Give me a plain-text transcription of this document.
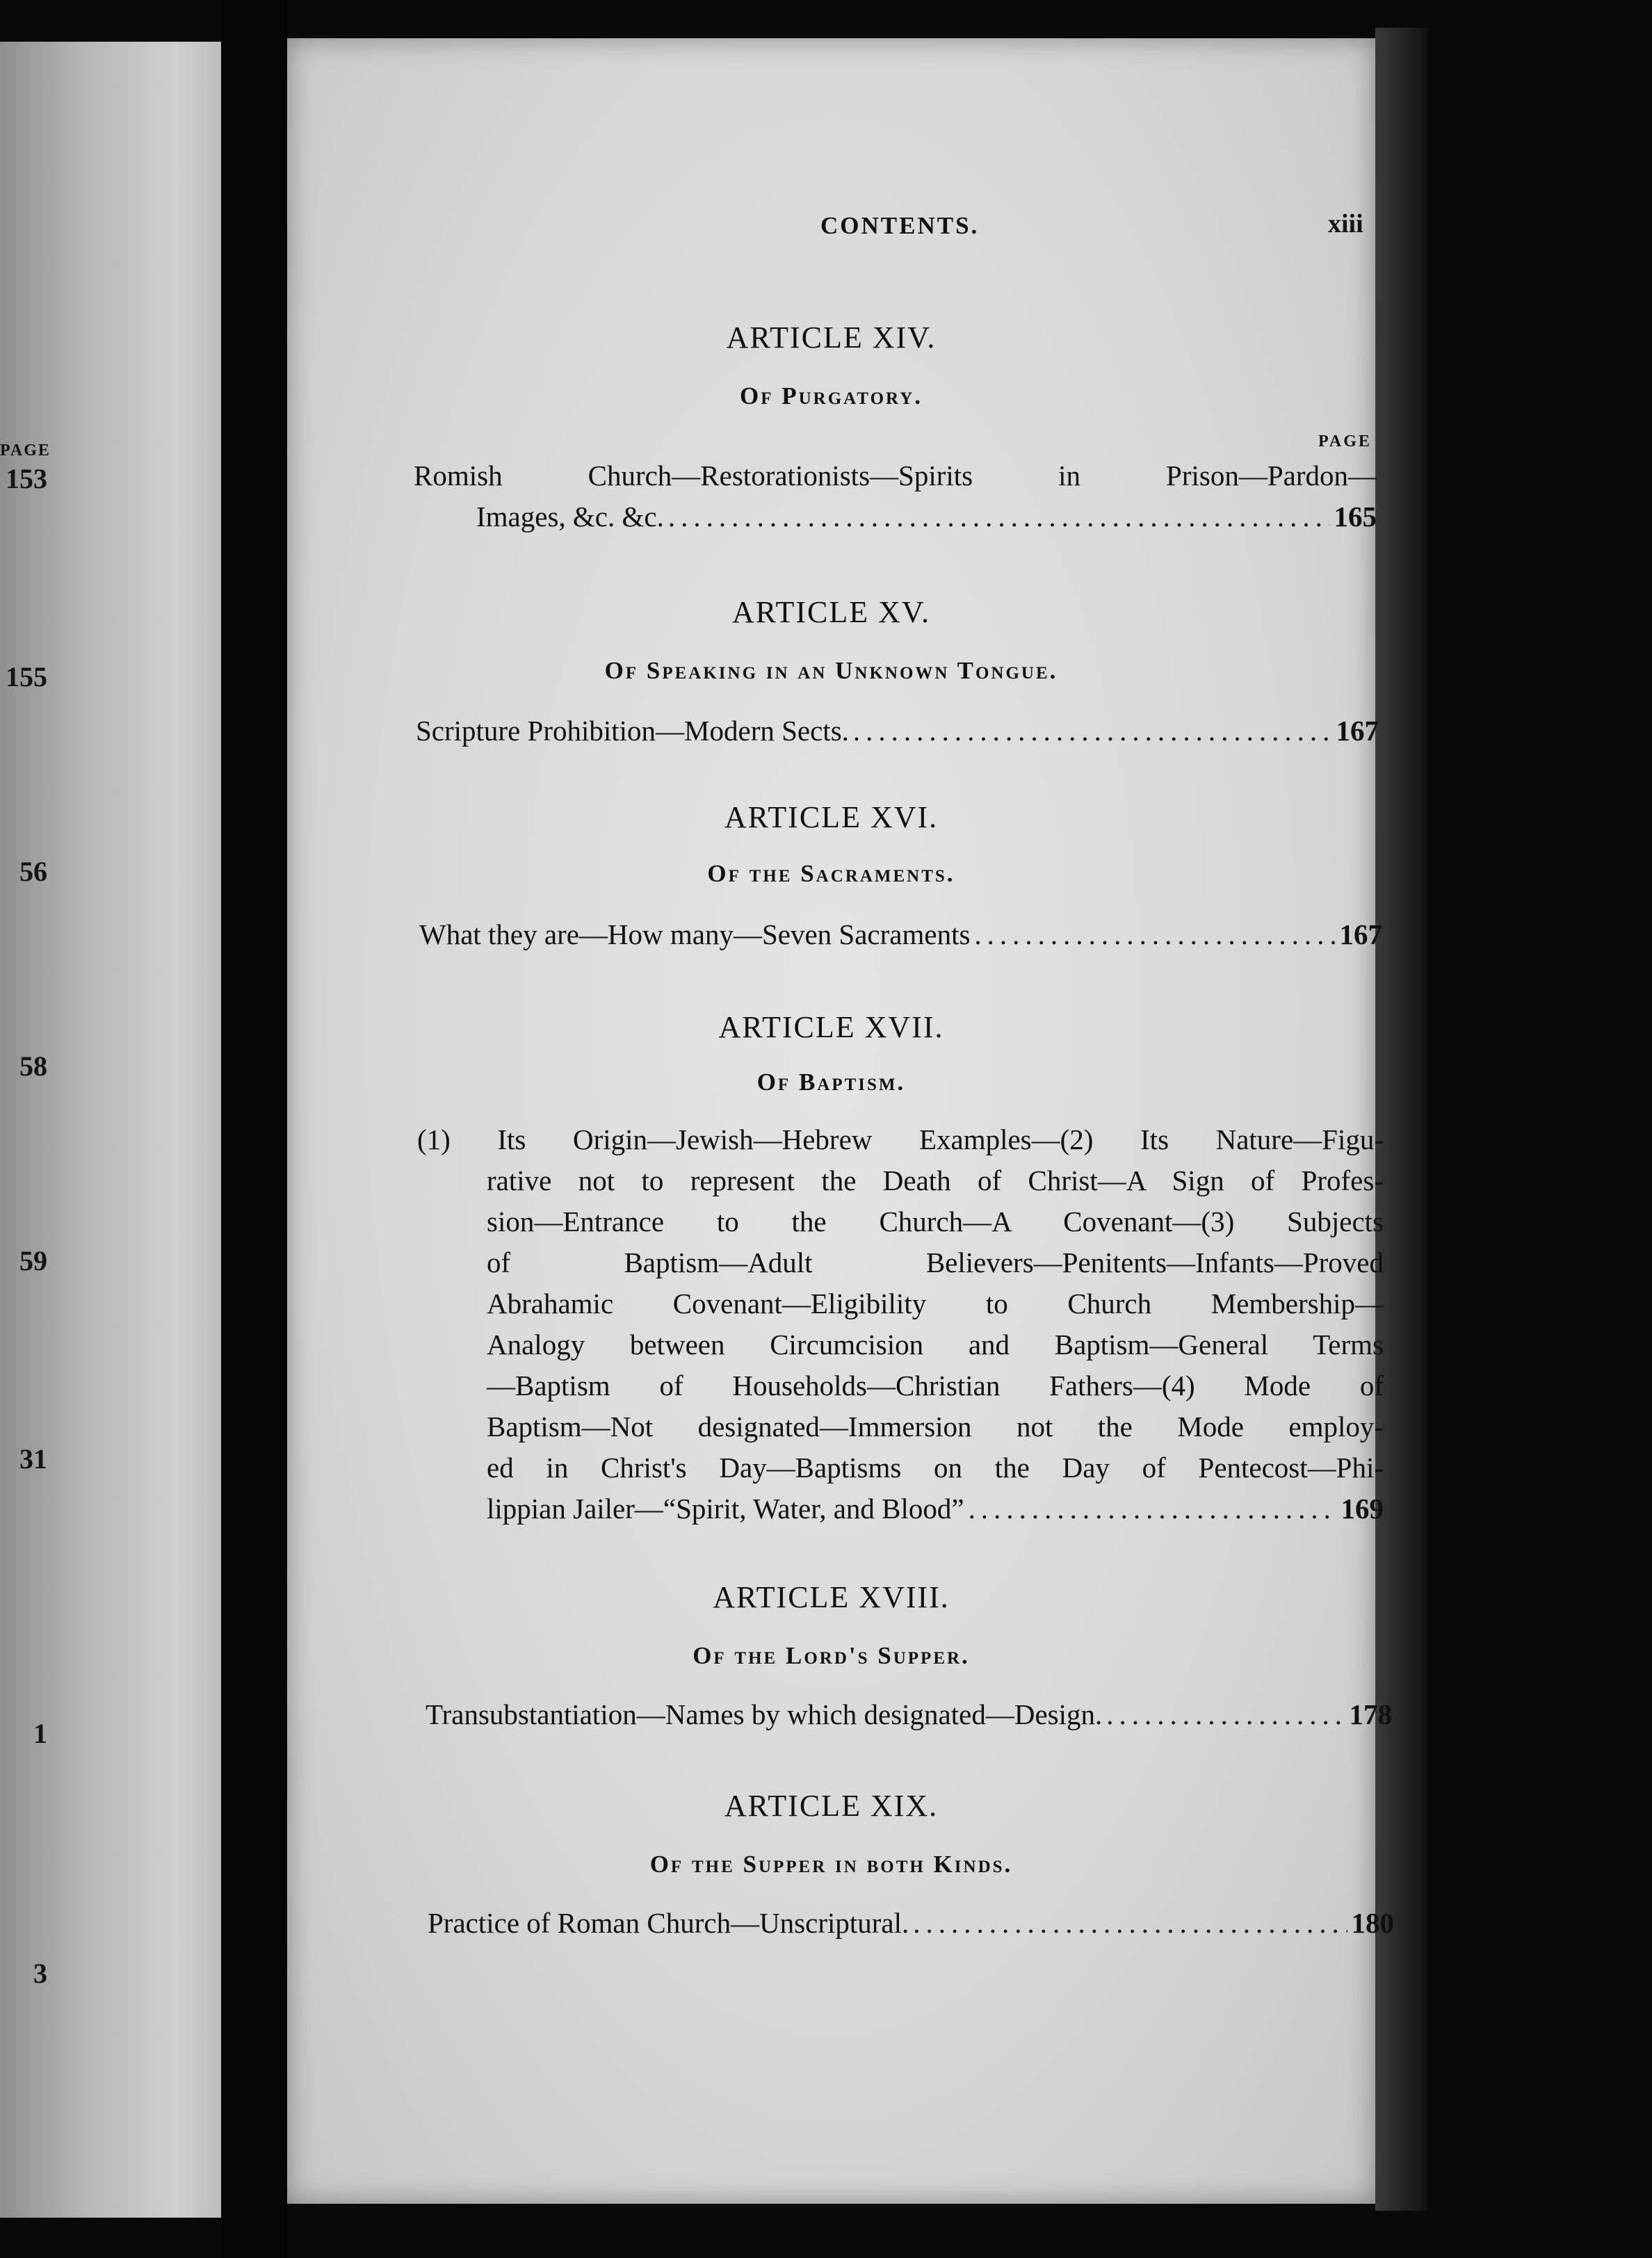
PAGE
153
155
56
58
59
31
1
3
CONTENTS.	xiii
ARTICLE XIV.
Of Purgatory.
PAGE
Romish Church—Restorationists—Spirits in Prison—Pardon—
Images, &c. &c. .....	165
ARTICLE XV.
Of Speaking in an Unknown Tongue.
Scripture Prohibition—Modern Sects. .....	167
ARTICLE XVI.
Of the Sacraments.
What they are—How many—Seven Sacraments .....	167
ARTICLE XVII.
Of Baptism.
(1) Its Origin—Jewish—Hebrew Examples—(2) Its Nature—Figu-
rative not to represent the Death of Christ—A Sign of Profes-
sion—Entrance to the Church—A Covenant—(3) Subjects
of Baptism—Adult Believers—Penitents—Infants—Proved
Abrahamic Covenant—Eligibility to Church Membership—
Analogy between Circumcision and Baptism—General Terms
—Baptism of Households—Christian Fathers—(4) Mode of
Baptism—Not designated—Immersion not the Mode employ-
ed in Christ's Day—Baptisms on the Day of Pentecost—Phi-
lippian Jailer—“Spirit, Water, and Blood” .....	169
ARTICLE XVIII.
Of the Lord's Supper.
Transubstantiation—Names by which designated—Design. .....	178
ARTICLE XIX.
Of the Supper in both Kinds.
Practice of Roman Church—Unscriptural. .....	180
